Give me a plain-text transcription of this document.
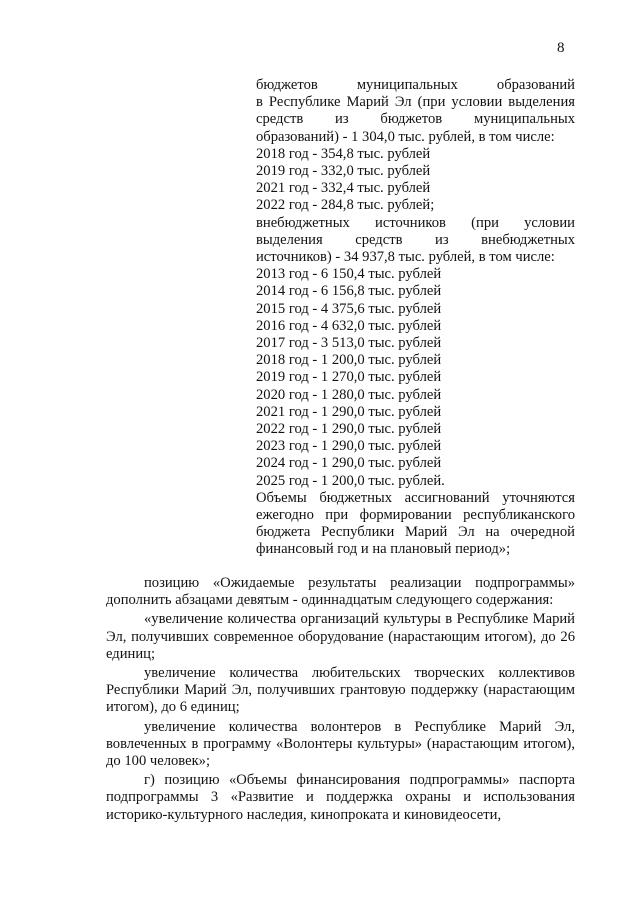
8
бюджетов муниципальных образований
в Республике Марий Эл (при условии выделения
средств из бюджетов муниципальных
образований) - 1 304,0 тыс. рублей, в том числе:
2018 год - 354,8 тыс. рублей
2019 год - 332,0 тыс. рублей
2021 год - 332,4 тыс. рублей
2022 год - 284,8 тыс. рублей;
внебюджетных источников (при условии
выделения средств из внебюджетных
источников) - 34 937,8 тыс. рублей, в том числе:
2013 год - 6 150,4 тыс. рублей
2014 год - 6 156,8 тыс. рублей
2015 год - 4 375,6 тыс. рублей
2016 год - 4 632,0 тыс. рублей
2017 год - 3 513,0 тыс. рублей
2018 год - 1 200,0 тыс. рублей
2019 год - 1 270,0 тыс. рублей
2020 год - 1 280,0 тыс. рублей
2021 год - 1 290,0 тыс. рублей
2022 год - 1 290,0 тыс. рублей
2023 год - 1 290,0 тыс. рублей
2024 год - 1 290,0 тыс. рублей
2025 год - 1 200,0 тыс. рублей.
Объемы бюджетных ассигнований уточняются
ежегодно при формировании республиканского
бюджета Республики Марий Эл на очередной
финансовый год и на плановый период»;

позицию «Ожидаемые результаты реализации подпрограммы» дополнить абзацами девятым - одиннадцатым следующего содержания:

«увеличение количества организаций культуры в Республике Марий Эл, получивших современное оборудование (нарастающим итогом), до 26 единиц;

увеличение количества любительских творческих коллективов Республики Марий Эл, получивших грантовую поддержку (нарастающим итогом), до 6 единиц;

увеличение количества волонтеров в Республике Марий Эл, вовлеченных в программу «Волонтеры культуры» (нарастающим итогом), до 100 человек»;

г) позицию «Объемы финансирования подпрограммы» паспорта подпрограммы 3 «Развитие и поддержка охраны и использования историко-культурного наследия, кинопроката и киновидеосети,
